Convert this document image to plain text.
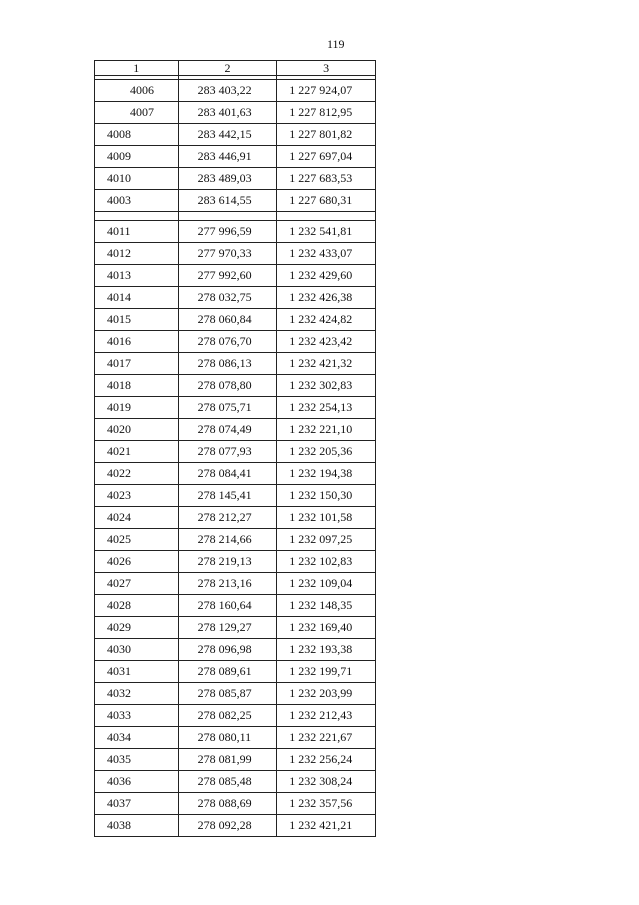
119
1	2	3

4006	283 403,22	1 227 924,07
4007	283 401,63	1 227 812,95
4008	283 442,15	1 227 801,82
4009	283 446,91	1 227 697,04
4010	283 489,03	1 227 683,53
4003	283 614,55	1 227 680,31

4011	277 996,59	1 232 541,81
4012	277 970,33	1 232 433,07
4013	277 992,60	1 232 429,60
4014	278 032,75	1 232 426,38
4015	278 060,84	1 232 424,82
4016	278 076,70	1 232 423,42
4017	278 086,13	1 232 421,32
4018	278 078,80	1 232 302,83
4019	278 075,71	1 232 254,13
4020	278 074,49	1 232 221,10
4021	278 077,93	1 232 205,36
4022	278 084,41	1 232 194,38
4023	278 145,41	1 232 150,30
4024	278 212,27	1 232 101,58
4025	278 214,66	1 232 097,25
4026	278 219,13	1 232 102,83
4027	278 213,16	1 232 109,04
4028	278 160,64	1 232 148,35
4029	278 129,27	1 232 169,40
4030	278 096,98	1 232 193,38
4031	278 089,61	1 232 199,71
4032	278 085,87	1 232 203,99
4033	278 082,25	1 232 212,43
4034	278 080,11	1 232 221,67
4035	278 081,99	1 232 256,24
4036	278 085,48	1 232 308,24
4037	278 088,69	1 232 357,56
4038	278 092,28	1 232 421,21
